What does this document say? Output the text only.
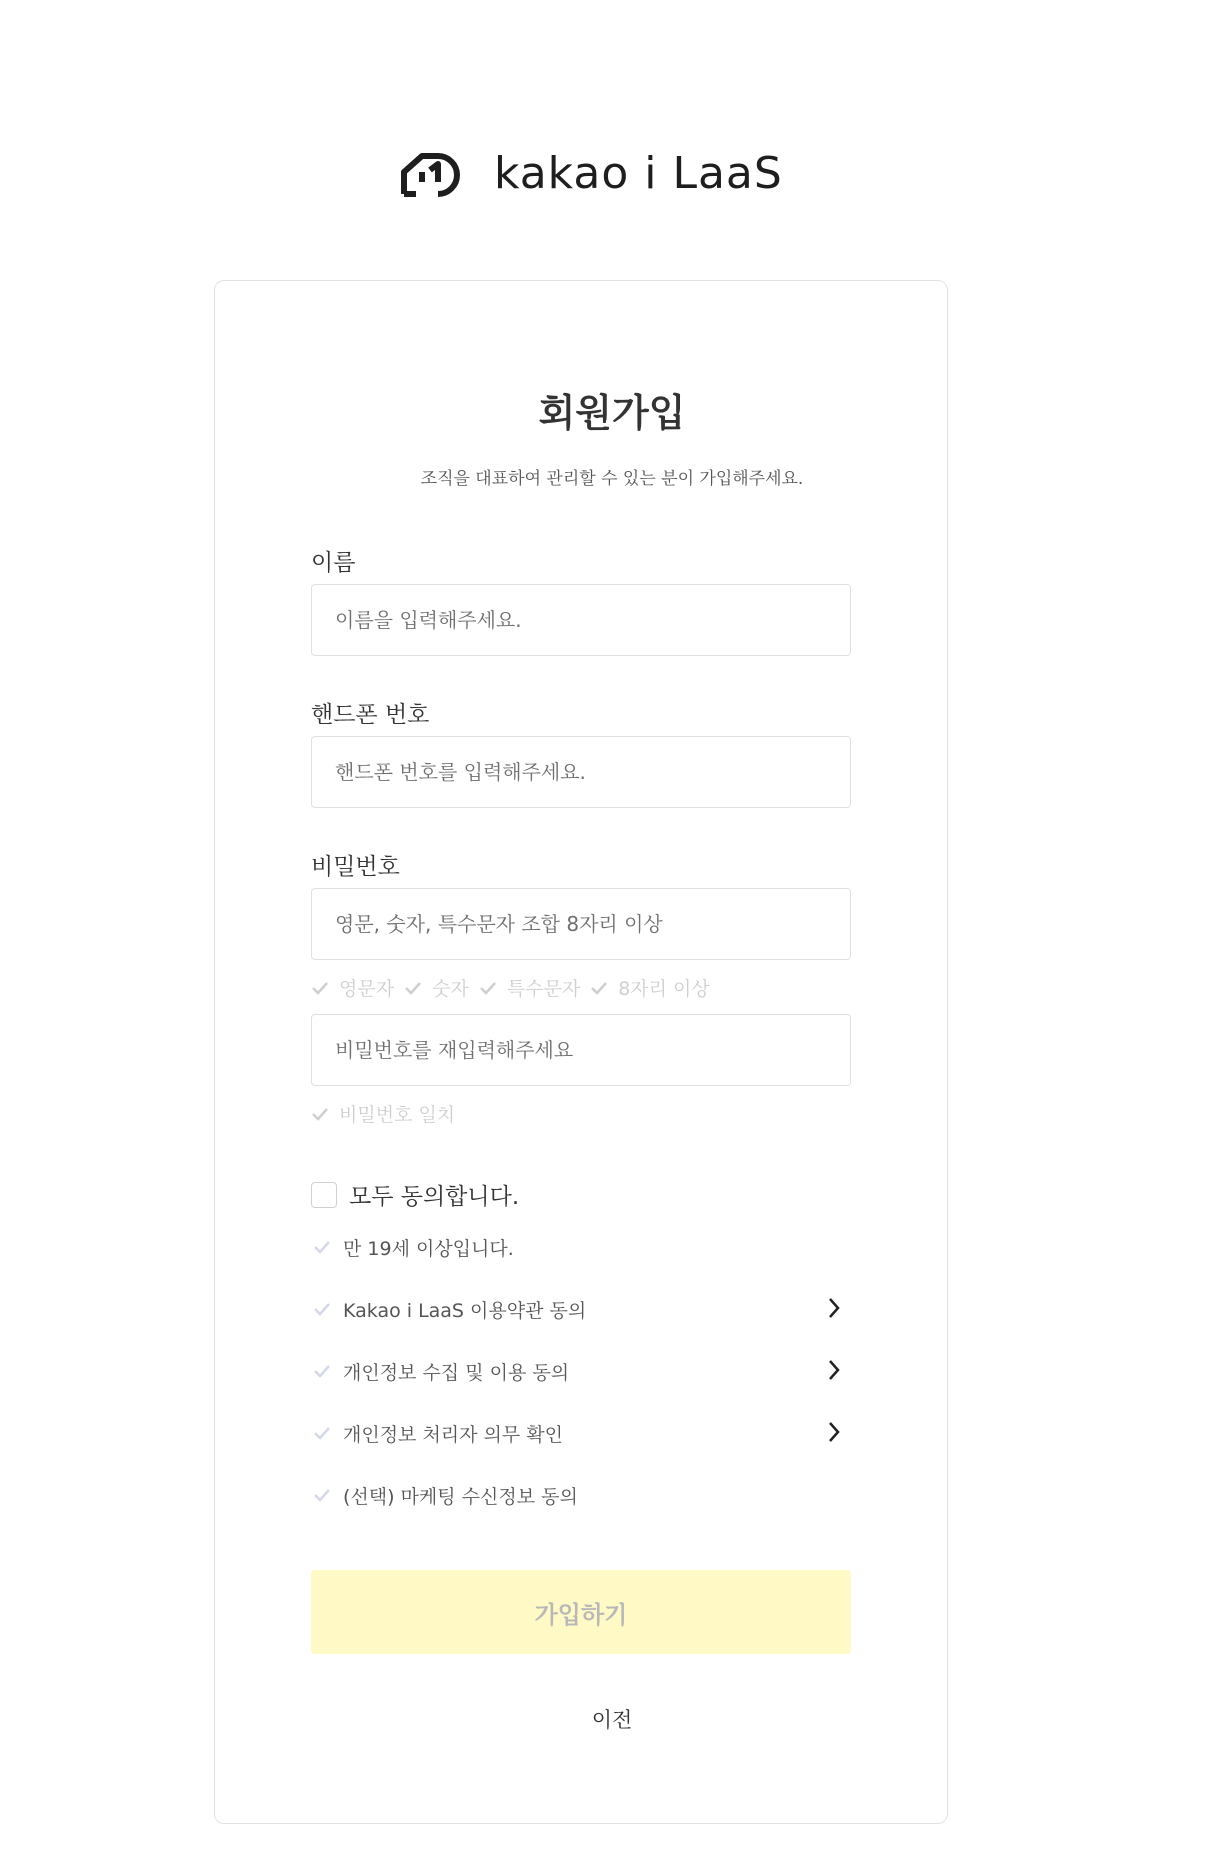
kakao i LaaS
회원가입
조직을 대표하여 관리할 수 있는 분이 가입해주세요.
이름
이름을 입력해주세요.
핸드폰 번호
핸드폰 번호를 입력해주세요.
비밀번호
영문, 숫자, 특수문자 조합 8자리 이상
영문자 숫자 특수문자 8자리 이상
비밀번호를 재입력해주세요
비밀번호 일치
모두 동의합니다.
만 19세 이상입니다.
Kakao i LaaS 이용약관 동의
개인정보 수집 및 이용 동의
개인정보 처리자 의무 확인
(선택) 마케팅 수신정보 동의
가입하기
이전
